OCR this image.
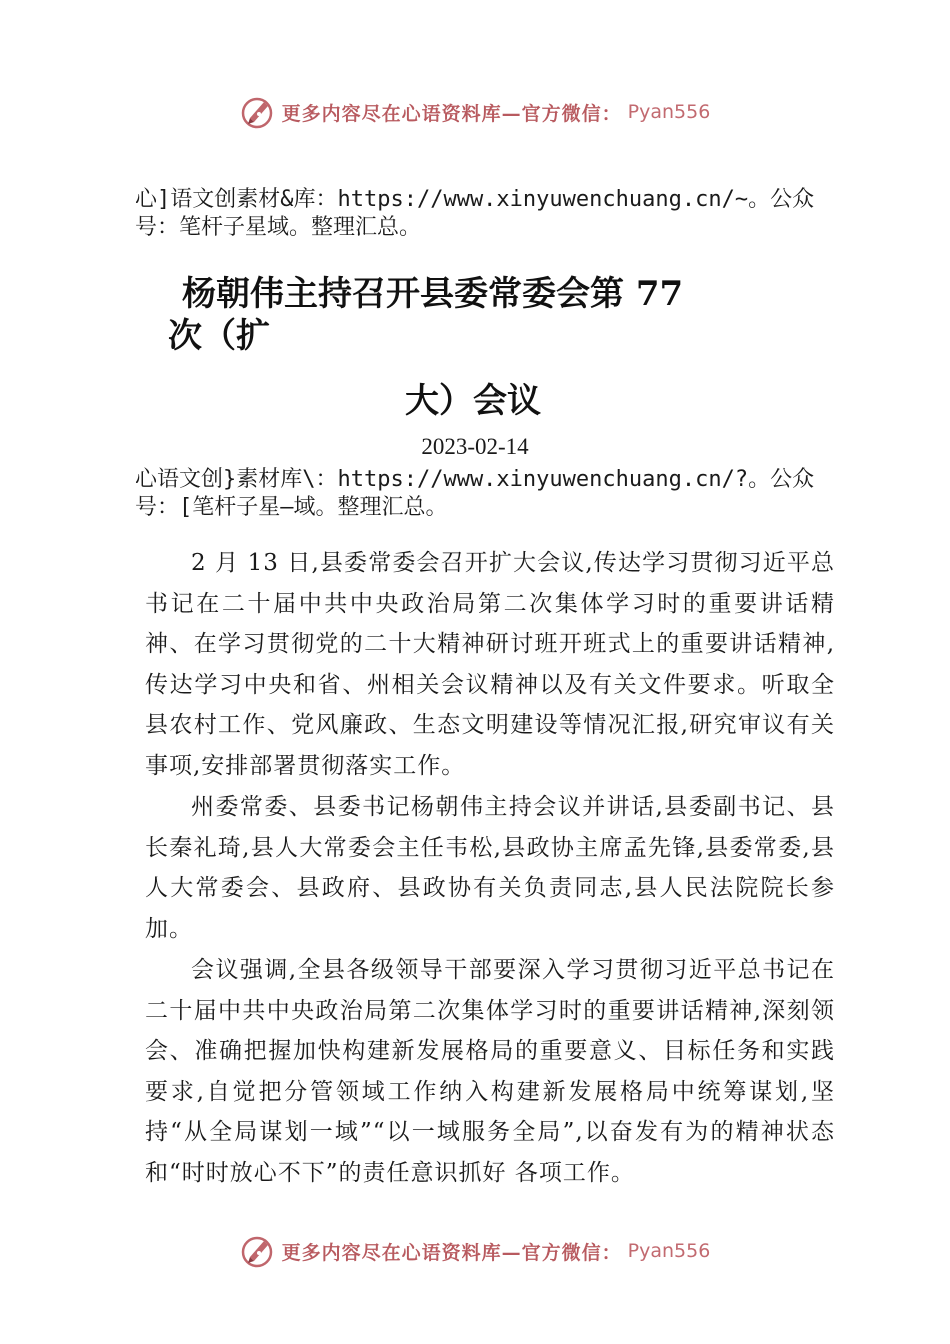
更多内容尽在心语资料库—官方微信： Pyan556
心]语文创素材&库：https://www.xinyuwenchuang.cn/~。公众号：笔杆子星域。整理汇总。
杨朝伟主持召开县委常委会第 77
次（扩
大）会议
2023-02-14
心语文创}素材库\：https://www.xinyuwenchuang.cn/?。公众号：[笔杆子星—域。整理汇总。
2 月 13 日,县委常委会召开扩大会议,传达学习贯彻习近平总书记在二十届中共中央政治局第二次集体学习时的重要讲话精神、在学习贯彻党的二十大精神研讨班开班式上的重要讲话精神,传达学习中央和省、州相关会议精神以及有关文件要求。听取全县农村工作、党风廉政、生态文明建设等情况汇报,研究审议有关事项,安排部署贯彻落实工作。
州委常委、县委书记杨朝伟主持会议并讲话,县委副书记、县长秦礼琦,县人大常委会主任韦松,县政协主席孟先锋,县委常委,县人大常委会、县政府、县政协有关负责同志,县人民法院院长参加。
会议强调,全县各级领导干部要深入学习贯彻习近平总书记在二十届中共中央政治局第二次集体学习时的重要讲话精神,深刻领会、准确把握加快构建新发展格局的重要意义、目标任务和实践要求,自觉把分管领域工作纳入构建新发展格局中统筹谋划,坚持“从全局谋划一域”“以一域服务全局”,以奋发有为的精神状态和“时时放心不下”的责任意识抓好 各项工作。
更多内容尽在心语资料库—官方微信： Pyan556
